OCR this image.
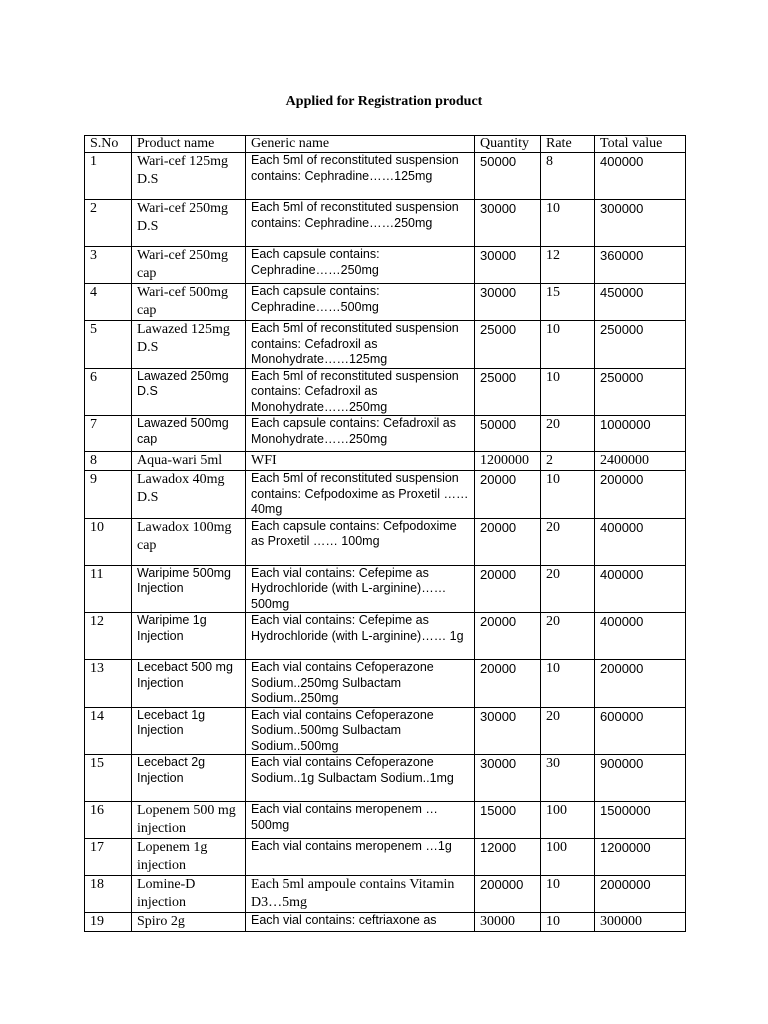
Applied for Registration product
S.No	Product name	Generic name	Quantity	Rate	Total value
1	Wari-cef 125mg D.S	Each 5ml of reconstituted suspension contains: Cephradine……125mg	50000	8	400000
2	Wari-cef 250mg D.S	Each 5ml of reconstituted suspension contains: Cephradine……250mg	30000	10	300000
3	Wari-cef 250mg cap	Each capsule contains: Cephradine……250mg	30000	12	360000
4	Wari-cef 500mg cap	Each capsule contains: Cephradine……500mg	30000	15	450000
5	Lawazed 125mg D.S	Each 5ml of reconstituted suspension contains: Cefadroxil as Monohydrate……125mg	25000	10	250000
6	Lawazed 250mg D.S	Each 5ml of reconstituted suspension contains: Cefadroxil as Monohydrate……250mg	25000	10	250000
7	Lawazed 500mg cap	Each capsule contains: Cefadroxil as Monohydrate……250mg	50000	20	1000000
8	Aqua-wari 5ml	WFI	1200000	2	2400000
9	Lawadox 40mg D.S	Each 5ml of reconstituted suspension contains: Cefpodoxime as Proxetil ……40mg	20000	10	200000
10	Lawadox 100mg cap	Each capsule contains: Cefpodoxime as Proxetil …… 100mg	20000	20	400000
11	Waripime 500mg Injection	Each vial contains: Cefepime as Hydrochloride (with L-arginine)…… 500mg	20000	20	400000
12	Waripime 1g Injection	Each vial contains: Cefepime as Hydrochloride (with L-arginine)…… 1g	20000	20	400000
13	Lecebact 500 mg Injection	Each vial contains Cefoperazone Sodium..250mg Sulbactam Sodium..250mg	20000	10	200000
14	Lecebact 1g Injection	Each vial contains Cefoperazone Sodium..500mg Sulbactam Sodium..500mg	30000	20	600000
15	Lecebact 2g Injection	Each vial contains Cefoperazone Sodium..1g Sulbactam Sodium..1mg	30000	30	900000
16	Lopenem 500 mg injection	Each vial contains meropenem …500mg	15000	100	1500000
17	Lopenem 1g injection	Each vial contains meropenem …1g	12000	100	1200000
18	Lomine-D injection	Each 5ml ampoule contains Vitamin D3…5mg	200000	10	2000000
19	Spiro 2g	Each vial contains: ceftriaxone as	30000	10	300000
